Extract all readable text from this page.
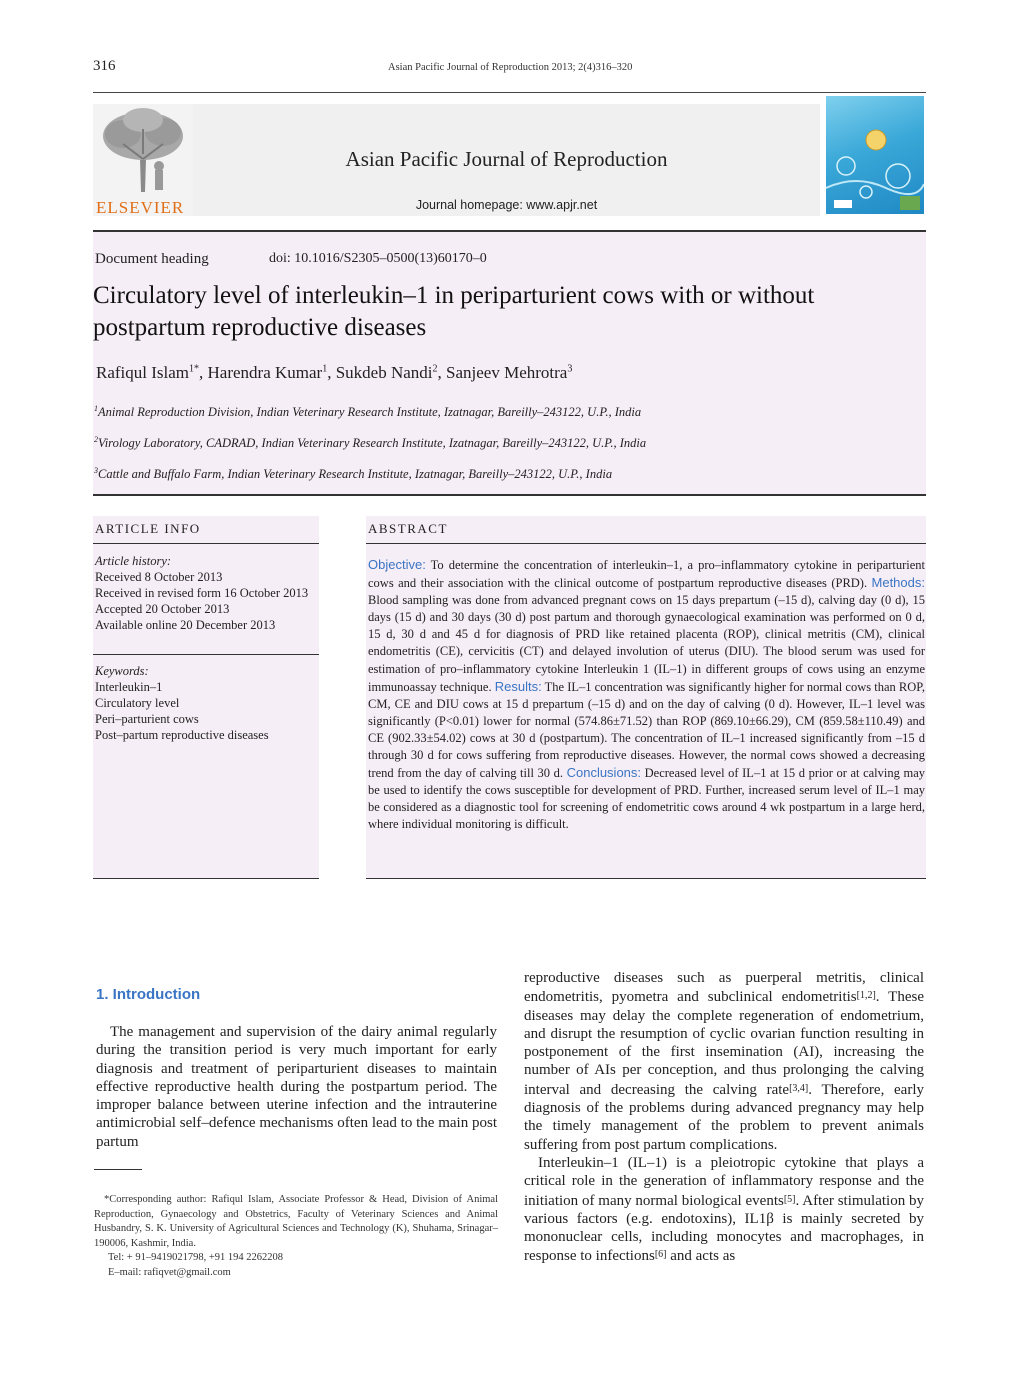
316	Asian Pacific Journal of Reproduction 2013; 2(4)316–320
ELSEVIER
Asian Pacific Journal of Reproduction
Journal homepage: www.apjr.net
Document heading	doi: 10.1016/S2305–0500(13)60170–0
Circulatory level of interleukin–1 in periparturient cows with or without postpartum reproductive diseases
Rafiqul Islam$^{1*}$, Harendra Kumar$^1$, Sukdeb Nandi$^2$, Sanjeev Mehrotra$^3$
$^1$Animal Reproduction Division, Indian Veterinary Research Institute, Izatnagar, Bareilly–243122, U.P., India
$^2$Virology Laboratory, CADRAD, Indian Veterinary Research Institute, Izatnagar, Bareilly–243122, U.P., India
$^3$Cattle and Buffalo Farm, Indian Veterinary Research Institute, Izatnagar, Bareilly–243122, U.P., India
ARTICLE INFO
Article history:
Received 8 October 2013
Received in revised form 16 October 2013
Accepted 20 October 2013
Available online 20 December 2013
Keywords:
Interleukin–1
Circulatory level
Peri–parturient cows
Post–partum reproductive diseases
ABSTRACT
Objective: To determine the concentration of interleukin–1, a pro–inflammatory cytokine in periparturient cows and their association with the clinical outcome of postpartum reproductive diseases (PRD). Methods: Blood sampling was done from advanced pregnant cows on 15 days prepartum (–15 d), calving day (0 d), 15 days (15 d) and 30 days (30 d) post partum and thorough gynaecological examination was performed on 0 d, 15 d, 30 d and 45 d for diagnosis of PRD like retained placenta (ROP), clinical metritis (CM), clinical endometritis (CE), cervicitis (CT) and delayed involution of uterus (DIU). The blood serum was used for estimation of pro–inflammatory cytokine Interleukin 1 (IL–1) in different groups of cows using an enzyme immunoassay technique. Results: The IL–1 concentration was significantly higher for normal cows than ROP, CM, CE and DIU cows at 15 d prepartum (–15 d) and on the day of calving (0 d). However, IL–1 level was significantly (P<0.01) lower for normal (574.86±71.52) than ROP (869.10±66.29), CM (859.58±110.49) and CE (902.33±54.02) cows at 30 d (postpartum). The concentration of IL–1 increased significantly from –15 d through 30 d for cows suffering from reproductive diseases. However, the normal cows showed a decreasing trend from the day of calving till 30 d. Conclusions: Decreased level of IL–1 at 15 d prior or at calving may be used to identify the cows susceptible for development of PRD. Further, increased serum level of IL–1 may be considered as a diagnostic tool for screening of endometritic cows around 4 wk postpartum in a large herd, where individual monitoring is difficult.
1. Introduction

The management and supervision of the dairy animal regularly during the transition period is very much important for early diagnosis and treatment of periparturient diseases to maintain effective reproductive health during the postpartum period. The improper balance between uterine infection and the intrauterine antimicrobial self–defence mechanisms often lead to the main post partum

*Corresponding author: Rafiqul Islam, Associate Professor & Head, Division of Animal Reproduction, Gynaecology and Obstetrics, Faculty of Veterinary Sciences and Animal Husbandry, S. K. University of Agricultural Sciences and Technology (K), Shuhama, Srinagar–190006, Kashmir, India.
Tel: + 91–9419021798, +91 194 2262208
E–mail: rafiqvet@gmail.com

reproductive diseases such as puerperal metritis, clinical endometritis, pyometra and subclinical endometritis[1,2]. These diseases may delay the complete regeneration of endometrium, and disrupt the resumption of cyclic ovarian function resulting in postponement of the first insemination (AI), increasing the number of AIs per conception, and thus prolonging the calving interval and decreasing the calving rate[3,4]. Therefore, early diagnosis of the problems during advanced pregnancy may help the timely management of the problem to prevent animals suffering from post partum complications.

Interleukin–1 (IL–1) is a pleiotropic cytokine that plays a critical role in the generation of inflammatory response and the initiation of many normal biological events[5]. After stimulation by various factors (e.g. endotoxins), IL1β is mainly secreted by mononuclear cells, including monocytes and macrophages, in response to infections[6] and acts as
